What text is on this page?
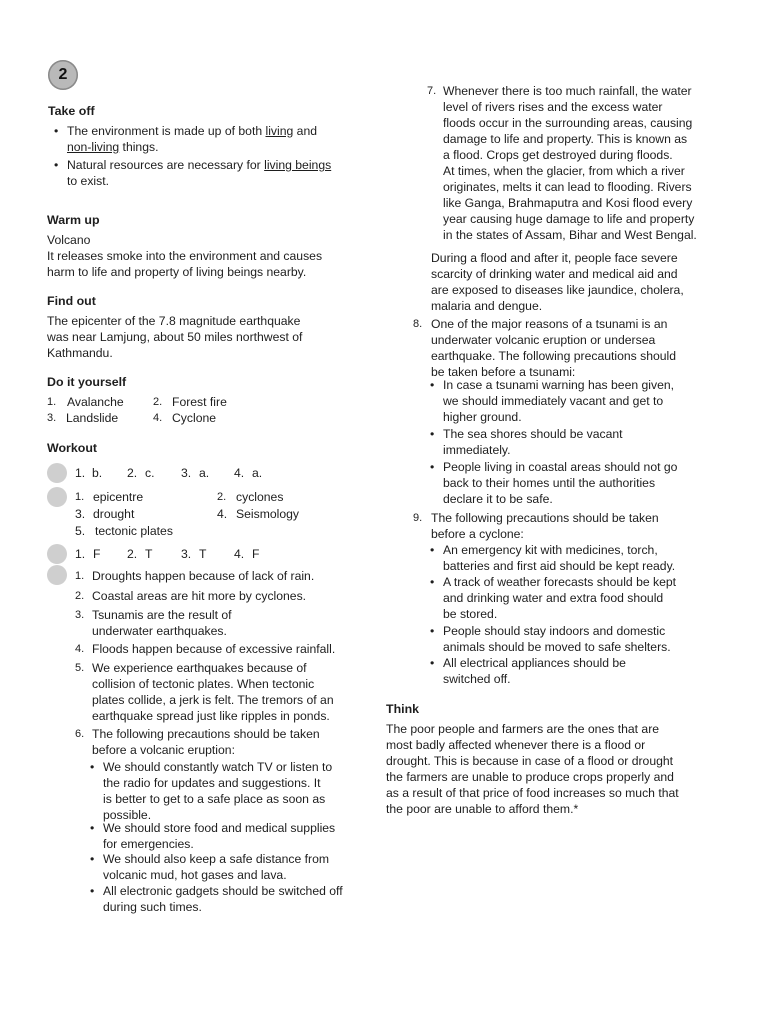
2
Take off
• The environment is made up of both living and
non-living things.
• Natural resources are necessary for living beings
to exist.
Warm up
Volcano
It releases smoke into the environment and causes
harm to life and property of living beings nearby.
Find out
The epicenter of the 7.8 magnitude earthquake
was near Lamjung, about 50 miles northwest of
Kathmandu.
Do it yourself
1. Avalanche	2. Forest fire
3. Landslide	4. Cyclone
Workout
1. b. 2. c. 3. a. 4. a.
1. epicentre	2. cyclones
3. drought	4. Seismology
5. tectonic plates
1. F 2. T 3. T 4. F
1. Droughts happen because of lack of rain.
2. Coastal areas are hit more by cyclones.
3. Tsunamis are the result of
underwater earthquakes.
4. Floods happen because of excessive rainfall.
5. We experience earthquakes because of
collision of tectonic plates. When tectonic
plates collide, a jerk is felt. The tremors of an
earthquake spread just like ripples in ponds.
6. The following precautions should be taken
before a volcanic eruption:
• We should constantly watch TV or listen to
the radio for updates and suggestions. It
is better to get to a safe place as soon as
possible.
• We should store food and medical supplies
for emergencies.
• We should also keep a safe distance from
volcanic mud, hot gases and lava.
• All electronic gadgets should be switched off
during such times.
7. Whenever there is too much rainfall, the water
level of rivers rises and the excess water
floods occur in the surrounding areas, causing
damage to life and property. This is known as
a flood. Crops get destroyed during floods.
At times, when the glacier, from which a river
originates, melts it can lead to flooding. Rivers
like Ganga, Brahmaputra and Kosi flood every
year causing huge damage to life and property
in the states of Assam, Bihar and West Bengal.
During a flood and after it, people face severe
scarcity of drinking water and medical aid and
are exposed to diseases like jaundice, cholera,
malaria and dengue.
8. One of the major reasons of a tsunami is an
underwater volcanic eruption or undersea
earthquake. The following precautions should
be taken before a tsunami:
• In case a tsunami warning has been given,
we should immediately vacant and get to
higher ground.
• The sea shores should be vacant
immediately.
• People living in coastal areas should not go
back to their homes until the authorities
declare it to be safe.
9. The following precautions should be taken
before a cyclone:
• An emergency kit with medicines, torch,
batteries and first aid should be kept ready.
• A track of weather forecasts should be kept
and drinking water and extra food should
be stored.
• People should stay indoors and domestic
animals should be moved to safe shelters.
• All electrical appliances should be
switched off.
Think
The poor people and farmers are the ones that are
most badly affected whenever there is a flood or
drought. This is because in case of a flood or drought
the farmers are unable to produce crops properly and
as a result of that price of food increases so much that
the poor are unable to afford them.*
